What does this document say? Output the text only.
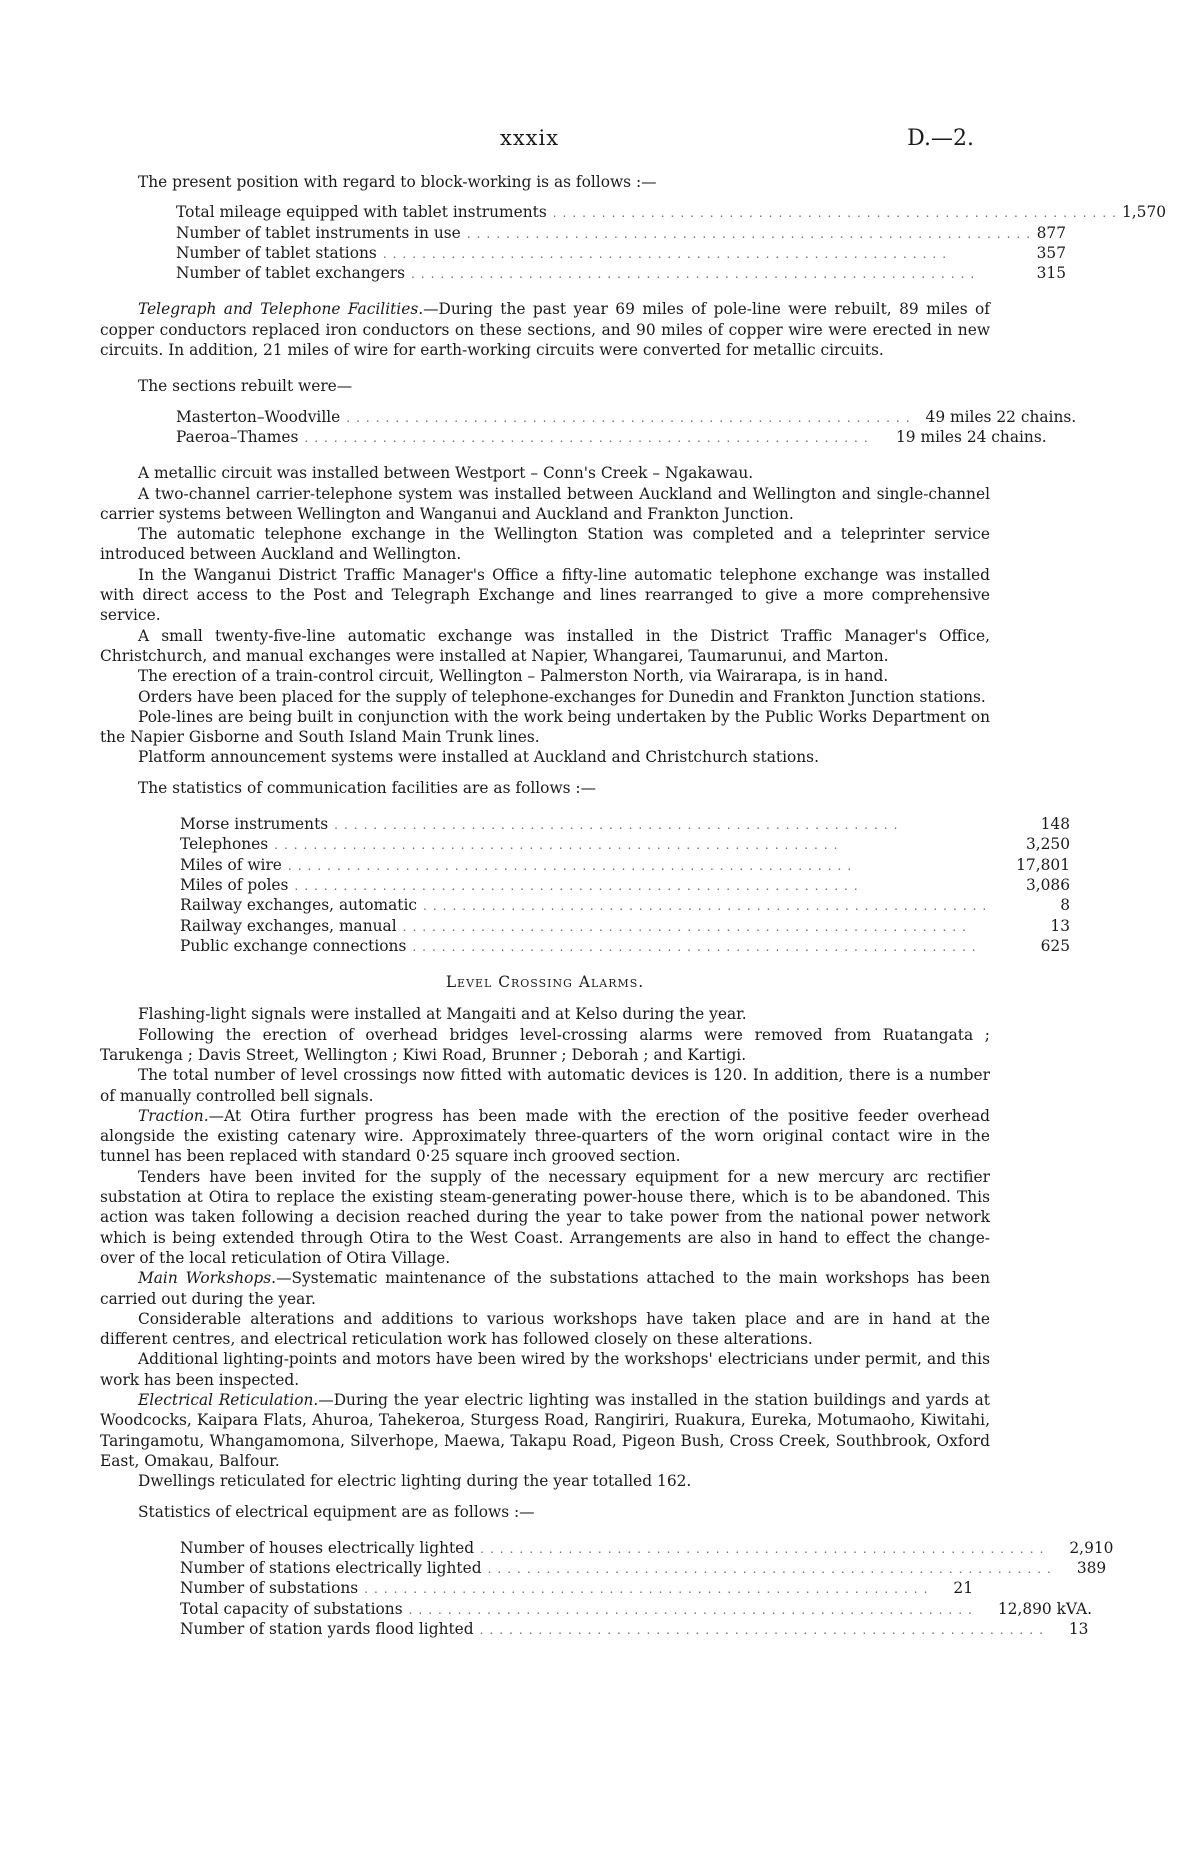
xxxix	D.—2.

The present position with regard to block-working is as follows :—

Total mileage equipped with tablet instruments .......................................................... 1,570
Number of tablet instruments in use .......................................................... 877
Number of tablet stations ..........................................................	357
Number of tablet exchangers ..........................................................	315

Telegraph and Telephone Facilities.—During the past year 69 miles of pole-line were rebuilt, 89 miles of copper conductors replaced iron conductors on these sections, and 90 miles of copper wire were erected in new circuits. In addition, 21 miles of wire for earth-working circuits were converted for metallic circuits.

The sections rebuilt were—

Masterton–Woodville .......................................................... 49 miles 22 chains.
Paeroa–Thames ..........................................................	19 miles 24 chains.

A metallic circuit was installed between Westport – Conn's Creek – Ngakawau.

A two-channel carrier-telephone system was installed between Auckland and Wellington and single-channel carrier systems between Wellington and Wanganui and Auckland and Frankton Junction.

The automatic telephone exchange in the Wellington Station was completed and a teleprinter service introduced between Auckland and Wellington.

In the Wanganui District Traffic Manager's Office a fifty-line automatic telephone exchange was installed with direct access to the Post and Telegraph Exchange and lines rearranged to give a more comprehensive service.

A small twenty-five-line automatic exchange was installed in the District Traffic Manager's Office, Christchurch, and manual exchanges were installed at Napier, Whangarei, Taumarunui, and Marton.

The erection of a train-control circuit, Wellington – Palmerston North, via Wairarapa, is in hand.

Orders have been placed for the supply of telephone-exchanges for Dunedin and Frankton Junction stations.

Pole-lines are being built in conjunction with the work being undertaken by the Public Works Department on the Napier Gisborne and South Island Main Trunk lines.

Platform announcement systems were installed at Auckland and Christchurch stations.

The statistics of communication facilities are as follows :—

Morse instruments ..........................................................	148
Telephones ..........................................................	3,250
Miles of wire ..........................................................	17,801
Miles of poles ..........................................................	3,086
Railway exchanges, automatic ..........................................................	8
Railway exchanges, manual ..........................................................	13
Public exchange connections ..........................................................	625
Level Crossing Alarms.

Flashing-light signals were installed at Mangaiti and at Kelso during the year.

Following the erection of overhead bridges level-crossing alarms were removed from Ruatangata ; Tarukenga ; Davis Street, Wellington ; Kiwi Road, Brunner ; Deborah ; and Kartigi.

The total number of level crossings now fitted with automatic devices is 120. In addition, there is a number of manually controlled bell signals.

Traction.—At Otira further progress has been made with the erection of the positive feeder overhead alongside the existing catenary wire. Approximately three-quarters of the worn original contact wire in the tunnel has been replaced with standard 0·25 square inch grooved section.

Tenders have been invited for the supply of the necessary equipment for a new mercury arc rectifier substation at Otira to replace the existing steam-generating power-house there, which is to be abandoned. This action was taken following a decision reached during the year to take power from the national power network which is being extended through Otira to the West Coast. Arrangements are also in hand to effect the change-over of the local reticulation of Otira Village.

Main Workshops.—Systematic maintenance of the substations attached to the main workshops has been carried out during the year.

Considerable alterations and additions to various workshops have taken place and are in hand at the different centres, and electrical reticulation work has followed closely on these alterations.

Additional lighting-points and motors have been wired by the workshops' electricians under permit, and this work has been inspected.

Electrical Reticulation.—During the year electric lighting was installed in the station buildings and yards at Woodcocks, Kaipara Flats, Ahuroa, Tahekeroa, Sturgess Road, Rangiriri, Ruakura, Eureka, Motumaoho, Kiwitahi, Taringamotu, Whangamomona, Silverhope, Maewa, Takapu Road, Pigeon Bush, Cross Creek, Southbrook, Oxford East, Omakau, Balfour.

Dwellings reticulated for electric lighting during the year totalled 162.

Statistics of electrical equipment are as follows :—

Number of houses electrically lighted ..........................................................	2,910
Number of stations electrically lighted ..........................................................	389
Number of substations ..........................................................	21
Total capacity of substations ..........................................................	12,890 kVA.
Number of station yards flood lighted ..........................................................	13
